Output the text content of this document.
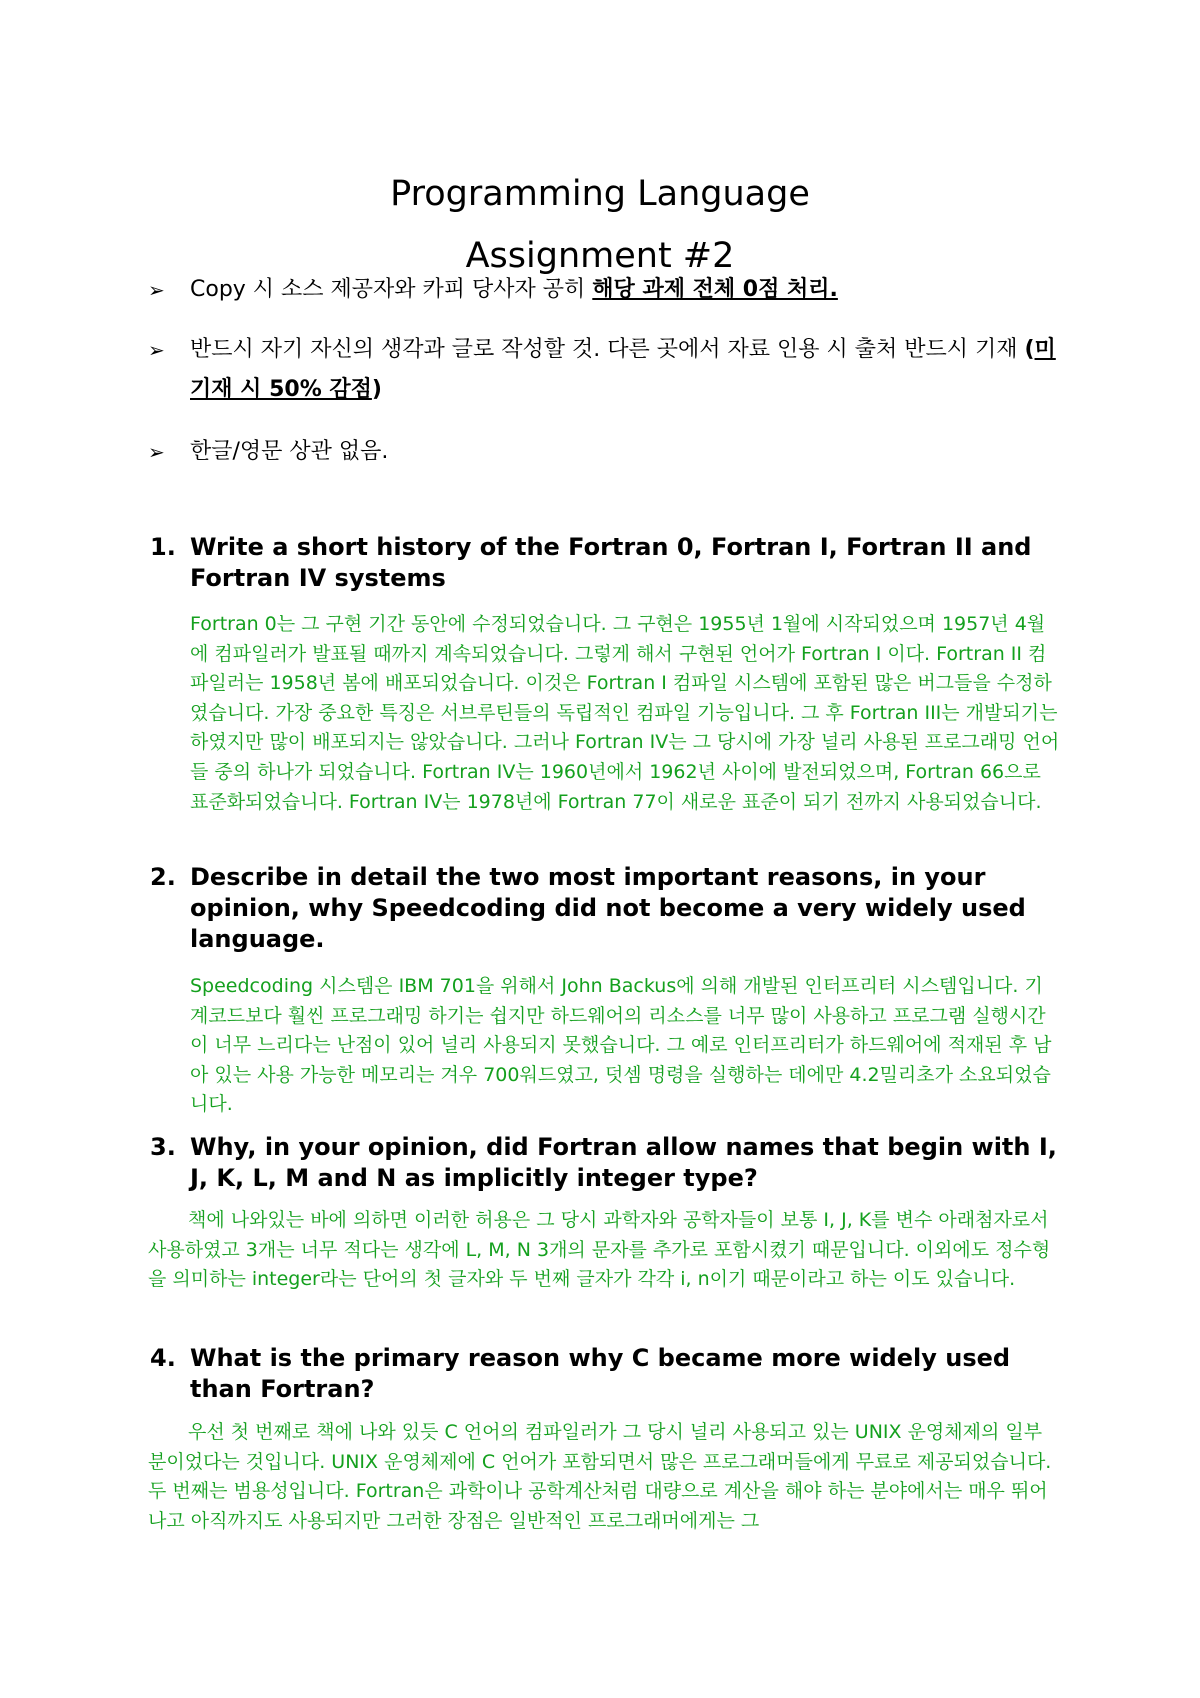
Programming Language
Assignment #2
➢	Copy 시 소스 제공자와 카피 당사자 공히 해당 과제 전체 0점 처리.
➢	반드시 자기 자신의 생각과 글로 작성할 것. 다른 곳에서 자료 인용 시 출처 반드시 기재 (미기재 시 50% 감점)
➢	한글/영문 상관 없음.
1. Write a short history of the Fortran 0, Fortran I, Fortran II and Fortran IV systems
Fortran 0는 그 구현 기간 동안에 수정되었습니다. 그 구현은 1955년 1월에 시작되었으며 1957년 4월에 컴파일러가 발표될 때까지 계속되었습니다. 그렇게 해서 구현된 언어가 Fortran I 이다. Fortran II 컴파일러는 1958년 봄에 배포되었습니다. 이것은 Fortran I 컴파일 시스템에 포함된 많은 버그들을 수정하였습니다. 가장 중요한 특징은 서브루틴들의 독립적인 컴파일 기능입니다. 그 후 Fortran III는 개발되기는 하였지만 많이 배포되지는 않았습니다. 그러나 Fortran IV는 그 당시에 가장 널리 사용된 프로그래밍 언어들 중의 하나가 되었습니다. Fortran IV는 1960년에서 1962년 사이에 발전되었으며, Fortran 66으로 표준화되었습니다. Fortran IV는 1978년에 Fortran 77이 새로운 표준이 되기 전까지 사용되었습니다.
2. Describe in detail the two most important reasons, in your opinion, why Speedcoding did not become a very widely used language.
Speedcoding 시스템은 IBM 701을 위해서 John Backus에 의해 개발된 인터프리터 시스템입니다. 기계코드보다 훨씬 프로그래밍 하기는 쉽지만 하드웨어의 리소스를 너무 많이 사용하고 프로그램 실행시간이 너무 느리다는 난점이 있어 널리 사용되지 못했습니다. 그 예로 인터프리터가 하드웨어에 적재된 후 남아 있는 사용 가능한 메모리는 겨우 700워드였고, 덧셈 명령을 실행하는 데에만 4.2밀리초가 소요되었습니다.
3. Why, in your opinion, did Fortran allow names that begin with I, J, K, L, M and N as implicitly integer type?
책에 나와있는 바에 의하면 이러한 허용은 그 당시 과학자와 공학자들이 보통 I, J, K를 변수 아래첨자로서 사용하였고 3개는 너무 적다는 생각에 L, M, N 3개의 문자를 추가로 포함시켰기 때문입니다. 이외에도 정수형을 의미하는 integer라는 단어의 첫 글자와 두 번째 글자가 각각 i, n이기 때문이라고 하는 이도 있습니다.
4. What is the primary reason why C became more widely used than Fortran?
우선 첫 번째로 책에 나와 있듯 C 언어의 컴파일러가 그 당시 널리 사용되고 있는 UNIX 운영체제의 일부분이었다는 것입니다. UNIX 운영체제에 C 언어가 포함되면서 많은 프로그래머들에게 무료로 제공되었습니다. 두 번째는 범용성입니다. Fortran은 과학이나 공학계산처럼 대량으로 계산을 해야 하는 분야에서는 매우 뛰어나고 아직까지도 사용되지만 그러한 장점은 일반적인 프로그래머에게는 그
